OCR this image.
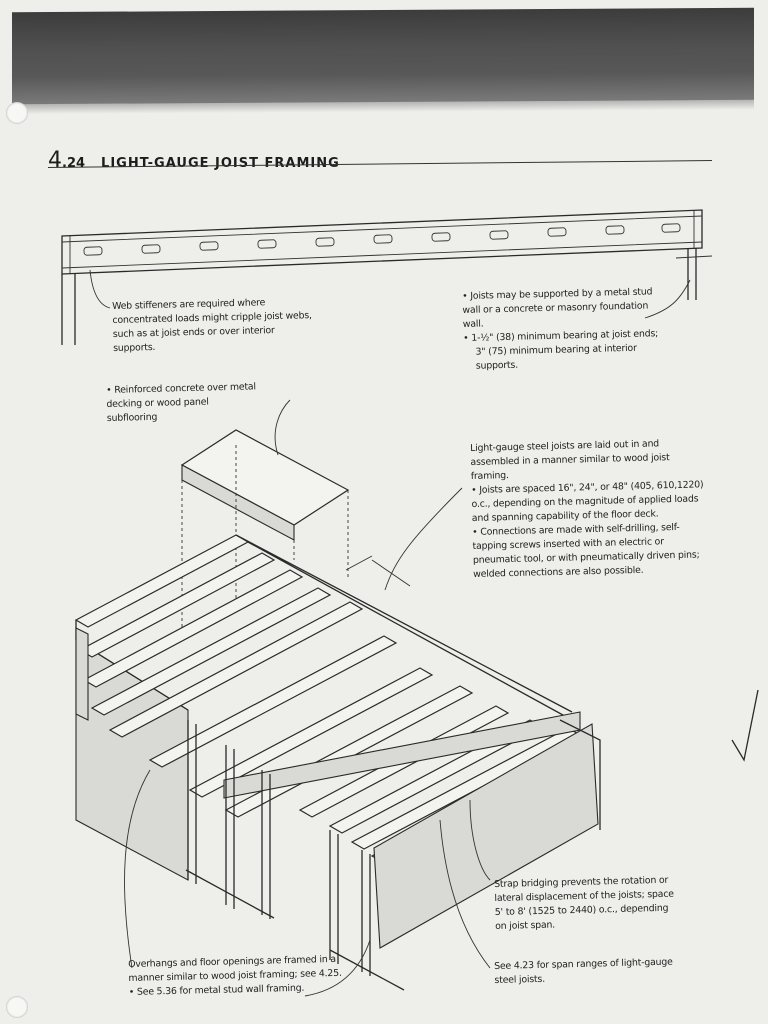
4 .24 LIGHT-GAUGE JOIST FRAMING

Web stiffeners are required where concentrated loads might cripple joist webs, such as at joist ends or over interior supports.

• Joists may be supported by a metal stud wall or a concrete or masonry foundation wall.

• 1-½" (38) minimum bearing at joist ends;

3" (75) minimum bearing at interior supports.

• Reinforced concrete over metal decking or wood panel subflooring

Light-gauge steel joists are laid out in and assembled in a manner similar to wood joist framing.

• Joists are spaced 16", 24", or 48" (405, 610,1220) o.c., depending on the magnitude of applied loads and spanning capability of the floor deck.

• Connections are made with self-drilling, self-tapping screws inserted with an electric or pneumatic tool, or with pneumatically driven pins; welded connections are also possible.

Strap bridging prevents the rotation or lateral displacement of the joists; space 5' to 8' (1525 to 2440) o.c., depending on joist span.

See 4.23 for span ranges of light-gauge steel joists.

Overhangs and floor openings are framed in a manner similar to wood joist framing; see 4.25.

• See 5.36 for metal stud wall framing.
